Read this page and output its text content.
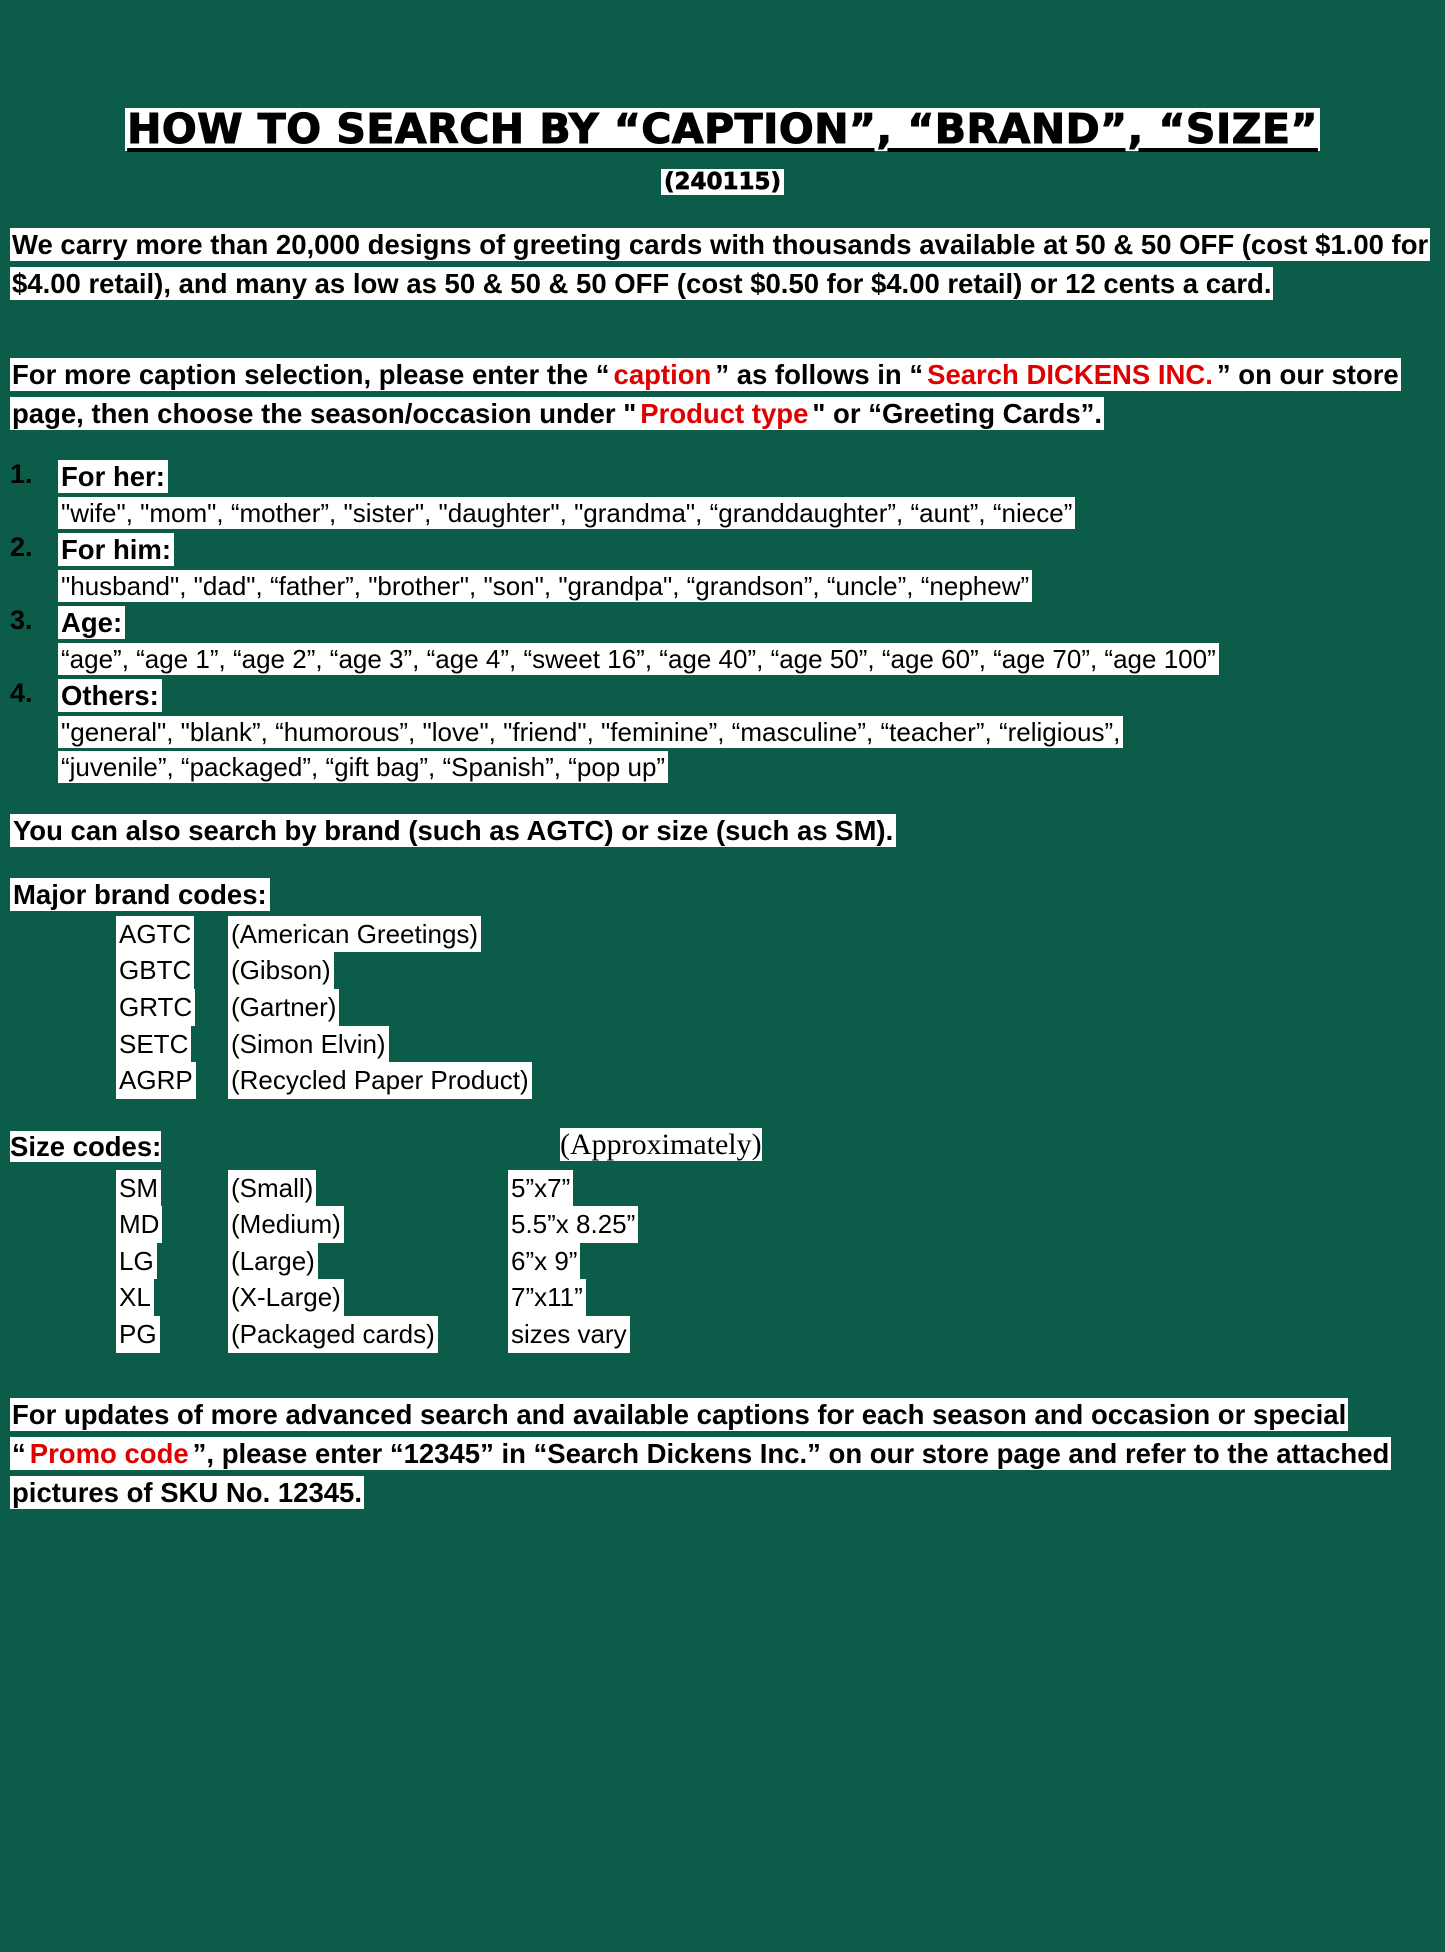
HOW TO SEARCH BY “CAPTION”, “BRAND”, “SIZE”
(240115)
We carry more than 20,000 designs of greeting cards with thousands available at 50 & 50 OFF (cost $1.00 for $4.00 retail), and many as low as 50 & 50 & 50 OFF (cost $0.50 for $4.00 retail) or 12 cents a card.
For more caption selection, please enter the “ caption ” as follows in “ Search DICKENS INC. ” on our store page, then choose the season/occasion under " Product type " or “Greeting Cards”.
1.	For her:
"wife", "mom", “mother”, "sister", "daughter", "grandma", “granddaughter”, “aunt”, “niece”
2.	For him:
"husband", "dad", “father”, "brother", "son", "grandpa", “grandson”, “uncle”, “nephew”
3.	Age:
“age”, “age 1”, “age 2”, “age 3”, “age 4”, “sweet 16”, “age 40”, “age 50”, “age 60”, “age 70”, “age 100”
4.	Others:
"general", "blank”, “humorous”, "love", "friend", "feminine”, “masculine”, “teacher”, “religious”,
“juvenile”, “packaged”, “gift bag”, “Spanish”, “pop up”
You can also search by brand (such as AGTC) or size (such as SM).
Major brand codes:
AGTC	(American Greetings)
GBTC	(Gibson)
GRTC	(Gartner)
SETC	(Simon Elvin)
AGRP	(Recycled Paper Product)
Size codes:	(Approximately)
SM	(Small)	5”x7”
MD	(Medium)	5.5”x 8.25”
LG	(Large)	6”x 9”
XL	(X-Large)	7”x11”
PG	(Packaged cards)	sizes vary
For updates of more advanced search and available captions for each season and occasion or special “ Promo code ”, please enter “12345” in “Search Dickens Inc.” on our store page and refer to the attached pictures of SKU No. 12345.
